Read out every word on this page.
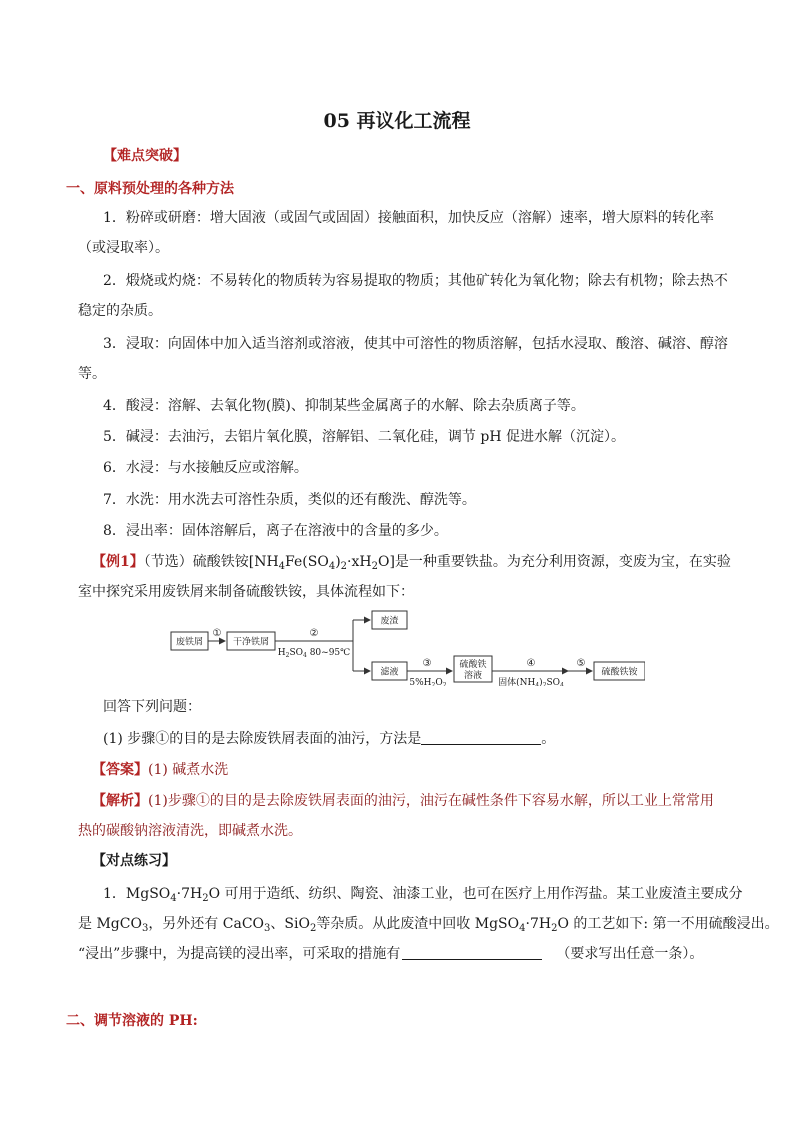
05 再议化工流程
【难点突破】
一、原料预处理的各种方法
1．粉碎或研磨：增大固液（或固气或固固）接触面积，加快反应（溶解）速率，增大原料的转化率
（或浸取率）。
2．煅烧或灼烧：不易转化的物质转为容易提取的物质；其他矿转化为氧化物；除去有机物；除去热不
稳定的杂质。
3．浸取：向固体中加入适当溶剂或溶液，使其中可溶性的物质溶解，包括水浸取、酸溶、碱溶、醇溶
等。
4．酸浸：溶解、去氧化物(膜)、抑制某些金属离子的水解、除去杂质离子等。
5．碱浸：去油污，去铝片氧化膜，溶解铝、二氧化硅，调节 pH 促进水解（沉淀）。
6．水浸：与水接触反应或溶解。
7．水洗：用水洗去可溶性杂质，类似的还有酸洗、醇洗等。
8．浸出率：固体溶解后，离子在溶液中的含量的多少。
【例1】（节选）硫酸铁铵$[NH_4Fe(SO_4)_2\cdot xH_2O]$是一种重要铁盐。为充分利用资源，变废为宝，在实验
室中探究采用废铁屑来制备硫酸铁铵，具体流程如下：
废铁屑	干净铁屑
废渣
滤液
硫酸铁
溶液	硫酸铁铵
①	②
③	④	⑤
$H_2SO_4$ 80~95℃
$5\%H_2O_2$	固体$(NH_4)_2SO_4$
回答下列问题：
(1) 步骤①的目的是去除废铁屑表面的油污，方法是	。
【答案】(1) 碱煮水洗
【解析】(1)步骤①的目的是去除废铁屑表面的油污，油污在碱性条件下容易水解，所以工业上常常用
热的碳酸钠溶液清洗，即碱煮水洗。
【对点练习】
1．$MgSO_4\cdot 7H_2O$ 可用于造纸、纺织、陶瓷、油漆工业，也可在医疗上用作泻盐。某工业废渣主要成分
是 MgCO$_3$，另外还有 CaCO$_3$、SiO$_2$等杂质。从此废渣中回收 $MgSO_4\cdot 7H_2O$ 的工艺如下: 第一不用硫酸浸出。
“浸出”步骤中，为提高镁的浸出率，可采取的措施有	（要求写出任意一条）。
二、调节溶液的 PH:
